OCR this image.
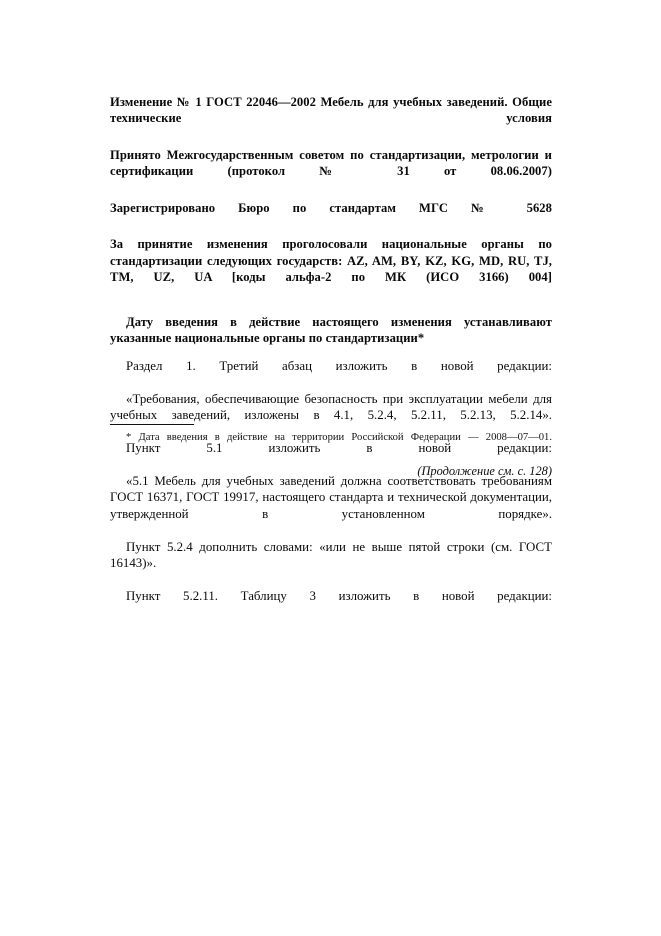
Изменение № 1 ГОСТ 22046—2002 Мебель для учебных заведений. Общие технические условия

Принято Межгосударственным советом по стандартизации, метрологии и сертификации (протокол № 31 от 08.06.2007)

Зарегистрировано Бюро по стандартам МГС № 5628

За принятие изменения проголосовали национальные органы по стандартизации следующих государств: AZ, AM, BY, KZ, KG, MD, RU, TJ, TM, UZ, UA [коды альфа-2 по МК (ИСО 3166) 004]

Дату введения в действие настоящего изменения устанавливают указанные национальные органы по стандартизации*

Раздел 1. Третий абзац изложить в новой редакции:

«Требования, обеспечивающие безопасность при эксплуатации мебели для учебных заведений, изложены в 4.1, 5.2.4, 5.2.11, 5.2.13, 5.2.14».

Пункт 5.1 изложить в новой редакции:

«5.1 Мебель для учебных заведений должна соответствовать требованиям ГОСТ 16371, ГОСТ 19917, настоящего стандарта и технической документации, утвержденной в установленном порядке».

Пункт 5.2.4 дополнить словами: «или не выше пятой строки (см. ГОСТ 16143)».

Пункт 5.2.11. Таблицу 3 изложить в новой редакции:

* Дата введения в действие на территории Российской Федерации — 2008—07—01.

(Продолжение см. с. 128)
